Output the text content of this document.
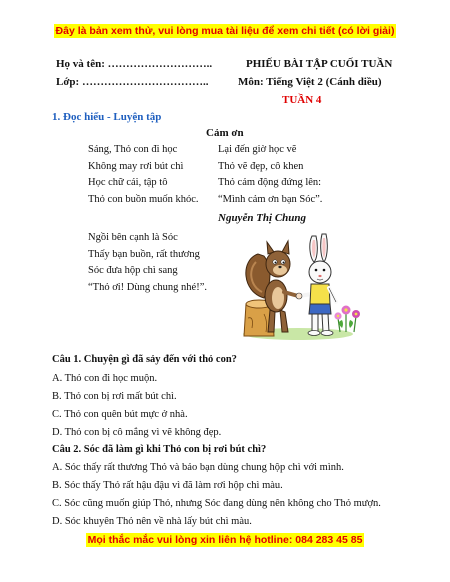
Đây là bản xem thử, vui lòng mua tài liệu để xem chi tiết (có lời giải)
Họ và tên: ………………………..
Lớp: ……………………………..
PHIẾU BÀI TẬP CUỐI TUẦN
Môn: Tiếng Việt 2 (Cánh diều)
TUẦN 4
1. Đọc hiểu - Luyện tập
Cảm ơn
Sáng, Thỏ con đi học
Không may rơi bút chì
Học chữ cái, tập tô
Thỏ con buồn muốn khóc.
Lại đến giờ học vẽ
Thỏ vẽ đẹp, cô khen
Thỏ cảm động đứng lên:
“Mình cảm ơn bạn Sóc”.
Nguyễn Thị Chung
Ngồi bên cạnh là Sóc
Thấy bạn buồn, rất thương
Sóc đưa hộp chì sang
“Thỏ ơi! Dùng chung nhé!”.
Câu 1. Chuyện gì đã sảy đến với thỏ con?
A. Thỏ con đi học muộn.
B. Thỏ con bị rơi mất bút chì.
C. Thỏ con quên bút mực ở nhà.
D. Thỏ con bị cô mắng vì vẽ không đẹp.
Câu 2. Sóc đã làm gì khi Thỏ con bị rơi bút chì?
A. Sóc thấy rất thương Thỏ và bảo bạn dùng chung hộp chì với mình.
B. Sóc thấy Thỏ rất hậu đậu vì đã làm rơi hộp chì màu.
C. Sóc cũng muốn giúp Thỏ, nhưng Sóc đang dùng nên không cho Thỏ mượn.
D. Sóc khuyên Thỏ nên về nhà lấy bút chì màu.
Mọi thắc mắc vui lòng xin liên hệ hotline: 084 283 45 85
